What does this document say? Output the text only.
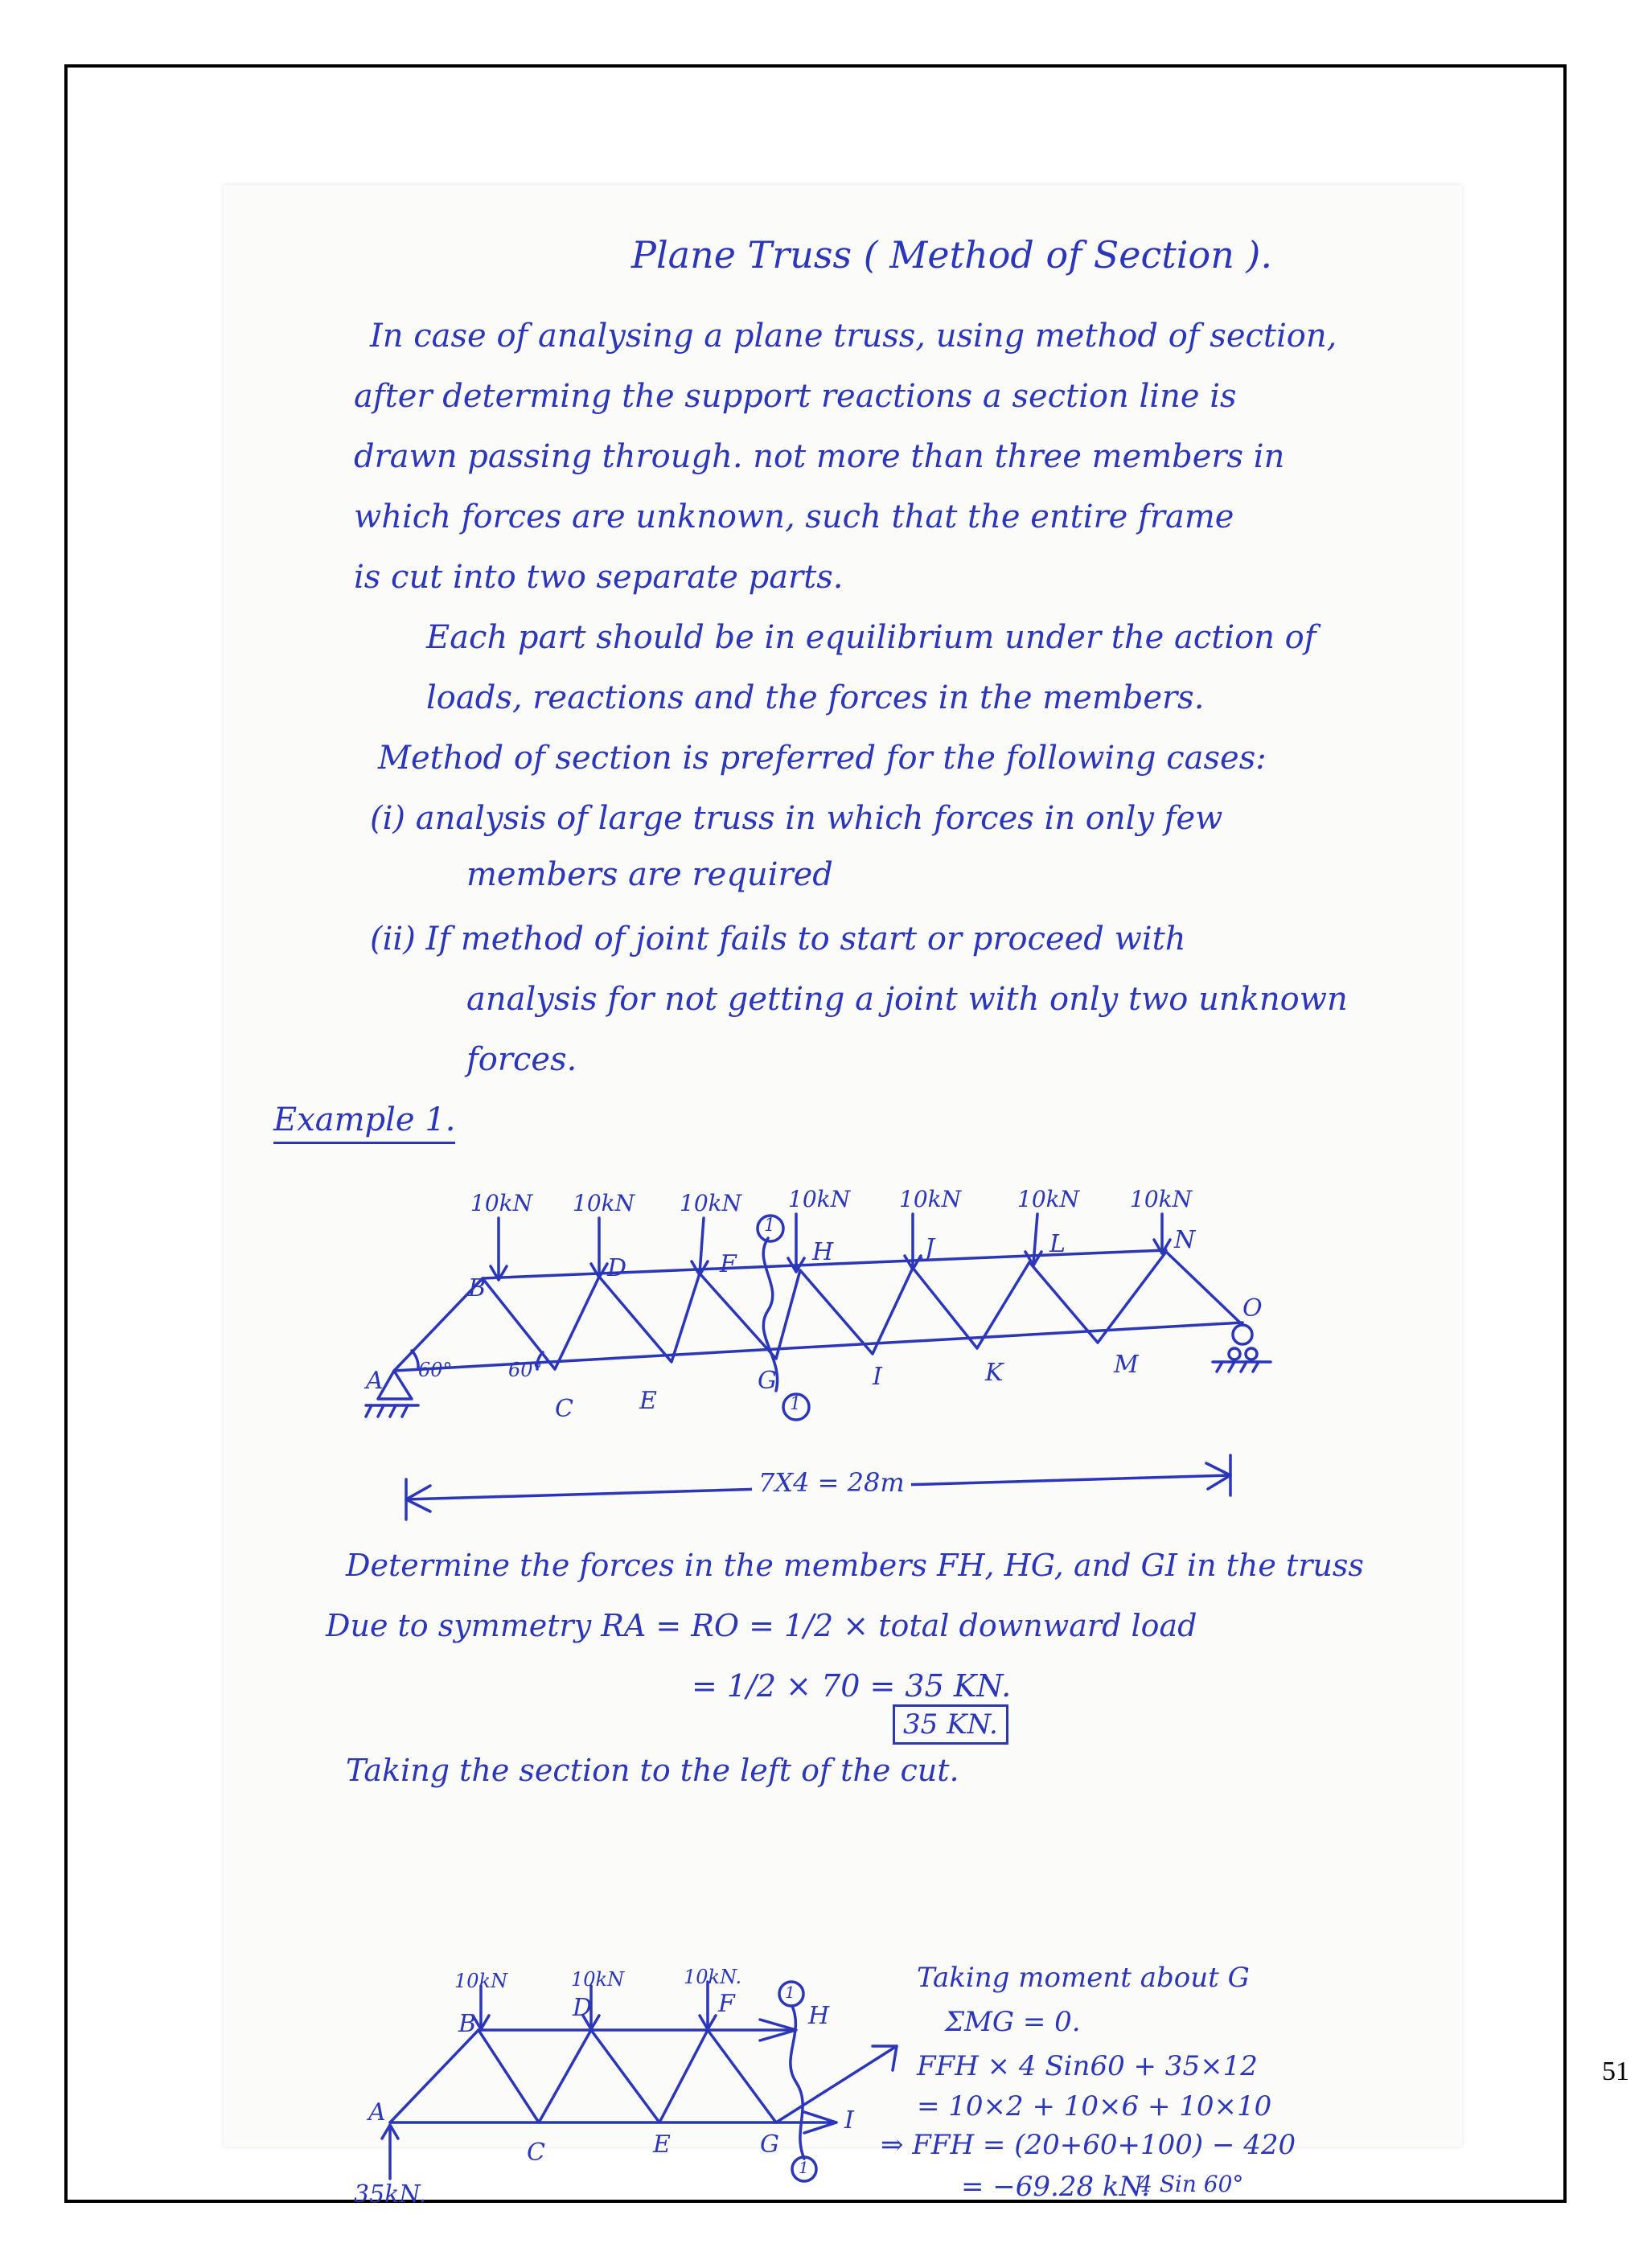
Plane Truss ( Method of Section ).
In case of analysing a plane truss, using method of section,
after determing the support reactions a section line is
drawn passing through. not more than three members in
which forces are unknown, such that the entire frame
is cut into two separate parts.
Each part should be in equilibrium under the action of
loads, reactions and the forces in the members.
Method of section is preferred for the following cases:
(i) analysis of large truss in which forces in only few
members are required
(ii) If method of joint fails to start or proceed with
analysis for not getting a joint with only two unknown
forces.
Example 1.
10kN 10kN 10kN 10kN 10kN 10kN 10kN
B
D	F	H	J	L	N
A
C	E
G	I	K	M
O
60°	60°
1
1
7X4 = 28m
Determine the forces in the members FH, HG, and GI in the truss
Due to symmetry RA = RO = 1/2 × total downward load
= 1/2 × 70 = 35 KN.
35 KN.
Taking the section to the left of the cut.
10kN	10kN	10kN.
B
D	F	H
A
C	E	G
I
1
1
35kN.
Taking moment about G
ΣMG = 0.
FFH × 4 Sin60 + 35×12
= 10×2 + 10×6 + 10×10
⇒ FFH = (20+60+100) − 420
4 Sin 60°
= −69.28 kN.
51
